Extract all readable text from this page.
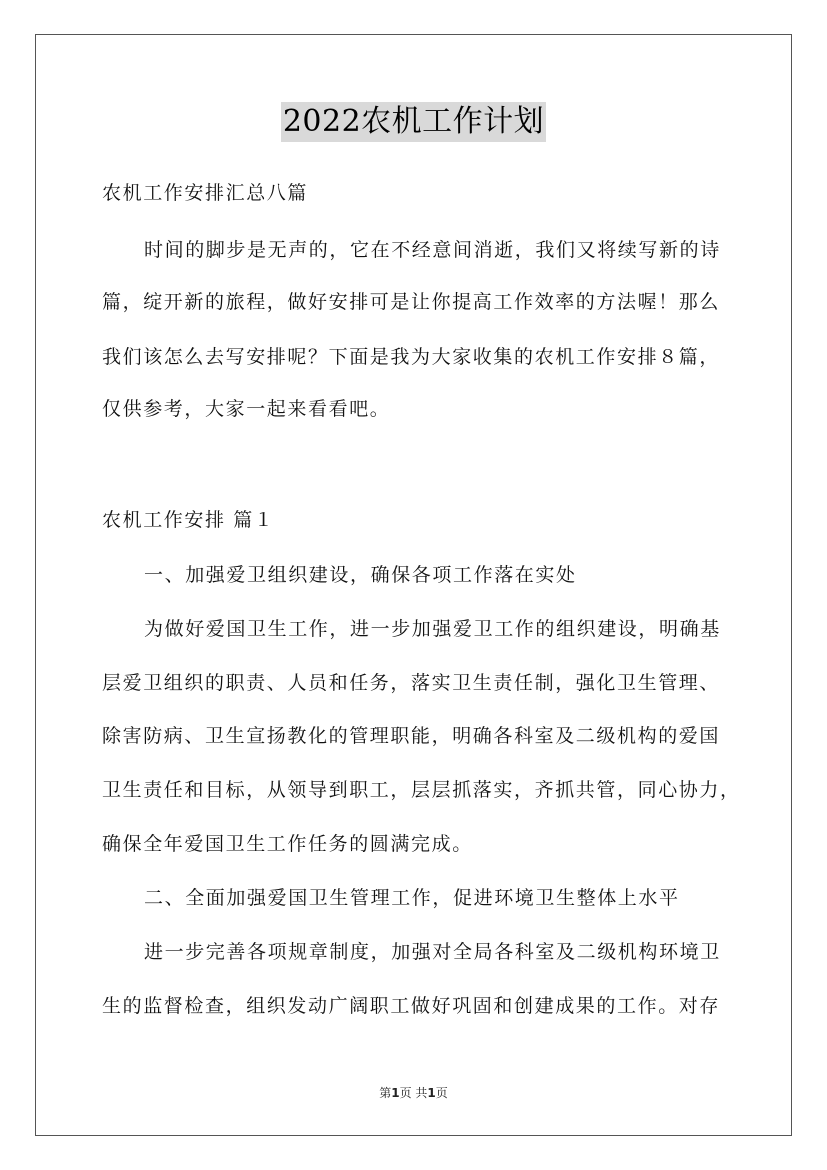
2022农机工作计划
农机工作安排汇总八篇
时间的脚步是无声的，它在不经意间消逝，我们又将续写新的诗
篇，绽开新的旅程，做好安排可是让你提高工作效率的方法喔！那么
我们该怎么去写安排呢？下面是我为大家收集的农机工作安排８篇，
仅供参考，大家一起来看看吧。
农机工作安排 篇１
一、加强爱卫组织建设，确保各项工作落在实处
为做好爱国卫生工作，进一步加强爱卫工作的组织建设，明确基
层爱卫组织的职责、人员和任务，落实卫生责任制，强化卫生管理、
除害防病、卫生宣扬教化的管理职能，明确各科室及二级机构的爱国
卫生责任和目标，从领导到职工，层层抓落实，齐抓共管，同心协力，
确保全年爱国卫生工作任务的圆满完成。
二、全面加强爱国卫生管理工作，促进环境卫生整体上水平
进一步完善各项规章制度，加强对全局各科室及二级机构环境卫
生的监督检查，组织发动广阔职工做好巩固和创建成果的工作。对存
第1页 共1页
